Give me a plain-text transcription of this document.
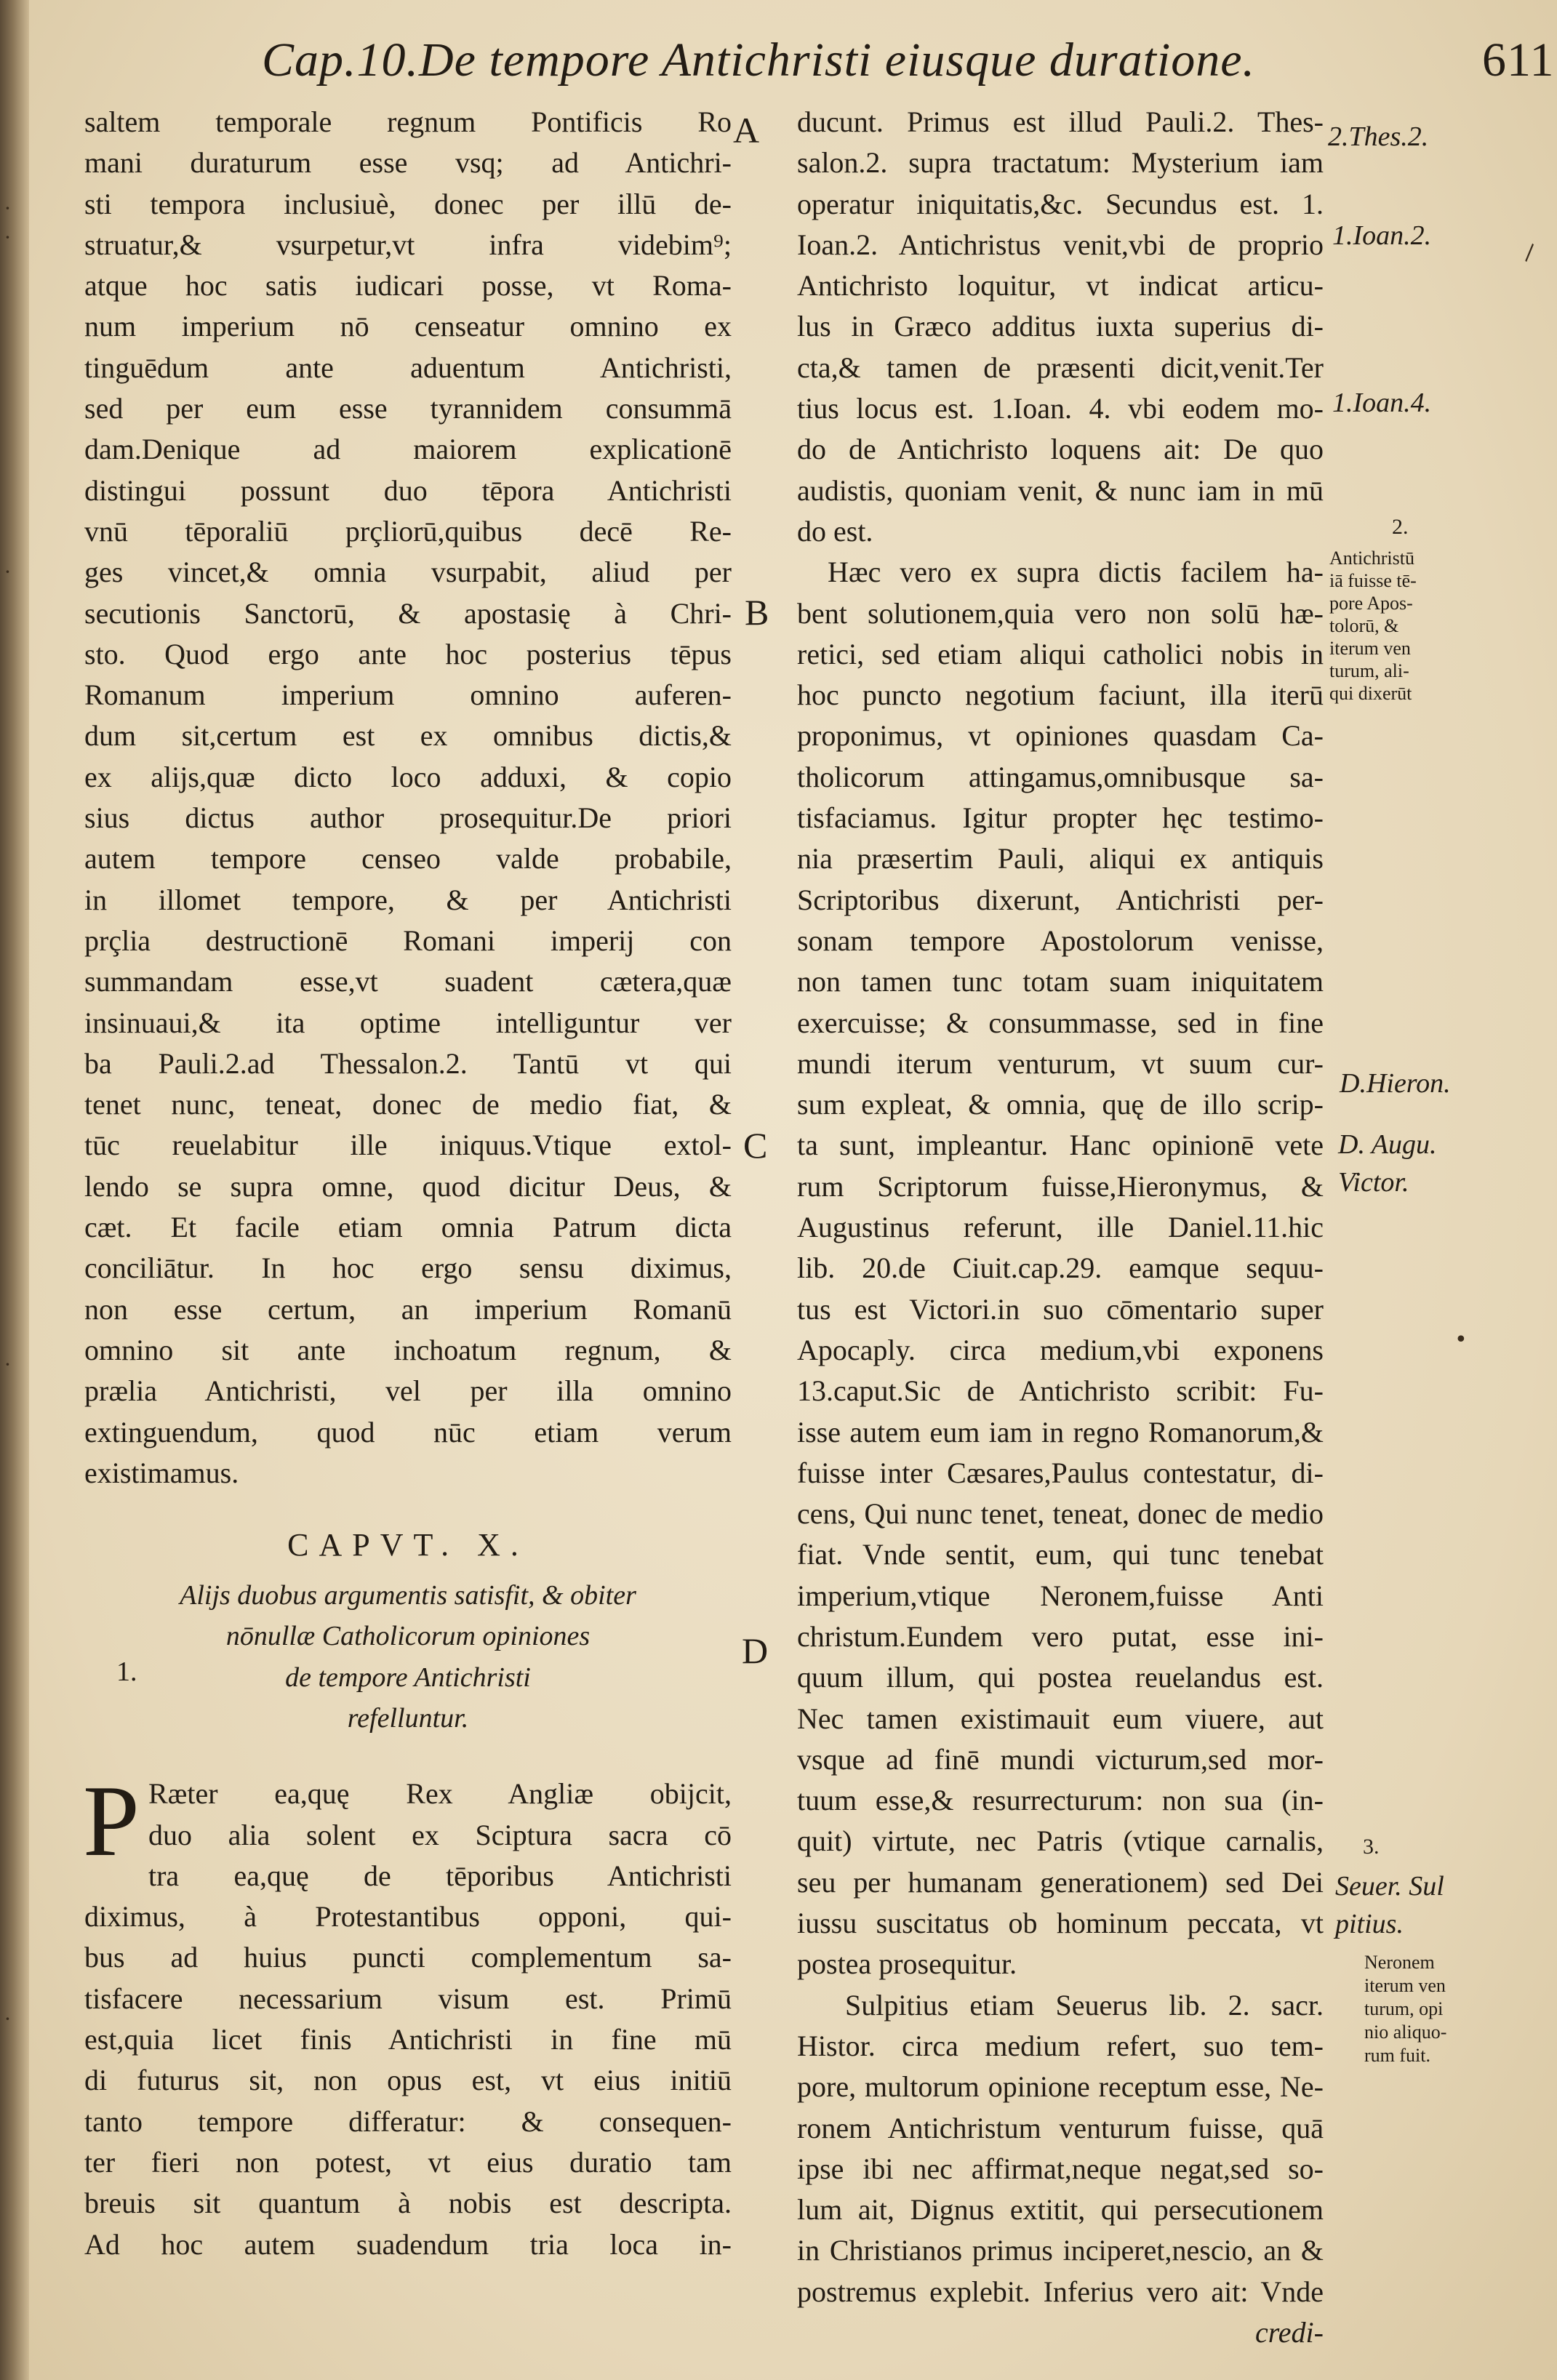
·
·
·
·
·
Cap.10.De tempore Antichristi eiusque duratione.	611
A
B
C
D
saltem temporale regnum Pontificis Ro
mani duraturum esse vsq; ad Antichri-
sti tempora inclusiuè, donec per illū de-
struatur,& vsurpetur,vt infra videbim⁹;
atque hoc satis iudicari posse, vt Roma-
num imperium nō censeatur omnino ex
tinguēdum ante aduentum Antichristi,
sed per eum esse tyrannidem consummā
dam.Denique ad maiorem explicationē
distingui possunt duo tēpora Antichristi
vnū tēporaliū prçliorū,quibus decē Re-
ges vincet,& omnia vsurpabit, aliud per
secutionis Sanctorū, & apostasię à Chri-
sto. Quod ergo ante hoc posterius tēpus
Romanum imperium omnino auferen-
dum sit,certum est ex omnibus dictis,&
ex alijs,quæ dicto loco adduxi, & copio
sius dictus author prosequitur.De priori
autem tempore censeo valde probabile,
in illomet tempore, & per Antichristi
prçlia destructionē Romani imperij con
summandam esse,vt suadent cætera,quæ
insinuaui,& ita optime intelliguntur ver
ba Pauli.2.ad Thessalon.2. Tantū vt qui
tenet nunc, teneat, donec de medio fiat, &
tūc reuelabitur ille iniquus.Vtique extol-
lendo se supra omne, quod dicitur Deus, &
cæt. Et facile etiam omnia Patrum dicta
conciliātur. In hoc ergo sensu diximus,
non esse certum, an imperium Romanū
omnino sit ante inchoatum regnum, &
prælia Antichristi, vel per illa omnino
extinguendum, quod nūc etiam verum
existimamus.
CAPVT. X.
Alijs duobus argumentis satisfit, & obiter
nōnullæ Catholicorum opiniones
de tempore Antichristi
refelluntur.
P Ræter ea,quę Rex Angliæ obijcit,
duo alia solent ex Sciptura sacra cō
tra ea,quę de tēporibus Antichristi
diximus, à Protestantibus opponi, qui-
bus ad huius puncti complementum sa-
tisfacere necessarium visum est. Primū
est,quia licet finis Antichristi in fine mū
di futurus sit, non opus est, vt eius initiū
tanto tempore differatur: & consequen-
ter fieri non potest, vt eius duratio tam
breuis sit quantum à nobis est descripta.
Ad hoc autem suadendum tria loca in-
1.
ducunt. Primus est illud Pauli.2. Thes-
salon.2. supra tractatum: Mysterium iam
operatur iniquitatis,&c. Secundus est. 1.
Ioan.2. Antichristus venit,vbi de proprio
Antichristo loquitur, vt indicat articu-
lus in Græco additus iuxta superius di-
cta,& tamen de præsenti dicit,venit.Ter
tius locus est. 1.Ioan. 4. vbi eodem mo-
do de Antichristo loquens ait: De quo
audistis, quoniam venit, & nunc iam in mū
do est.
Hæc vero ex supra dictis facilem ha-
bent solutionem,quia vero non solū hæ-
retici, sed etiam aliqui catholici nobis in
hoc puncto negotium faciunt, illa iterū
proponimus, vt opiniones quasdam Ca-
tholicorum attingamus,omnibusque sa-
tisfaciamus. Igitur propter hęc testimo-
nia præsertim Pauli, aliqui ex antiquis
Scriptoribus dixerunt, Antichristi per-
sonam tempore Apostolorum venisse,
non tamen tunc totam suam iniquitatem
exercuisse; & consummasse, sed in fine
mundi iterum venturum, vt suum cur-
sum expleat, & omnia, quę de illo scrip-
ta sunt, impleantur. Hanc opinionē vete
rum Scriptorum fuisse,Hieronymus, &
Augustinus referunt, ille Daniel.11.hic
lib. 20.de Ciuit.cap.29. eamque sequu-
tus est Victori.in suo cōmentario super
Apocaply. circa medium,vbi exponens
13.caput.Sic de Antichristo scribit: Fu-
isse autem eum iam in regno Romanorum,&
fuisse inter Cæsares,Paulus contestatur, di-
cens, Qui nunc tenet, teneat, donec de medio
fiat. Vnde sentit, eum, qui tunc tenebat
imperium,vtique Neronem,fuisse Anti
christum.Eundem vero putat, esse ini-
quum illum, qui postea reuelandus est.
Nec tamen existimauit eum viuere, aut
vsque ad finē mundi victurum,sed mor-
tuum esse,& resurrecturum: non sua (in-
quit) virtute, nec Patris (vtique carnalis,
seu per humanam generationem) sed Dei
iussu suscitatus ob hominum peccata, vt
postea prosequitur.
Sulpitius etiam Seuerus lib. 2. sacr.
Histor. circa medium refert, suo tem-
pore, multorum opinione receptum esse, Ne-
ronem Antichristum venturum fuisse, quā
ipse ibi nec affirmat,neque negat,sed so-
lum ait, Dignus extitit, qui persecutionem
in Christianos primus inciperet,nescio, an &
postremus explebit. Inferius vero ait: Vnde
credi-
2.Thes.2.
1.Ioan.2.
1.Ioan.4.
2.
Antichristū
iā fuisse tē-
pore Apos-
tolorū, &
iterum ven
turum, ali-
qui dixerūt
D.Hieron.
D. Augu.
Victor.
3.
Seuer. Sul
pitius.
Neronem
iterum ven
turum, opi
nio aliquo-
rum fuit.
•
\
